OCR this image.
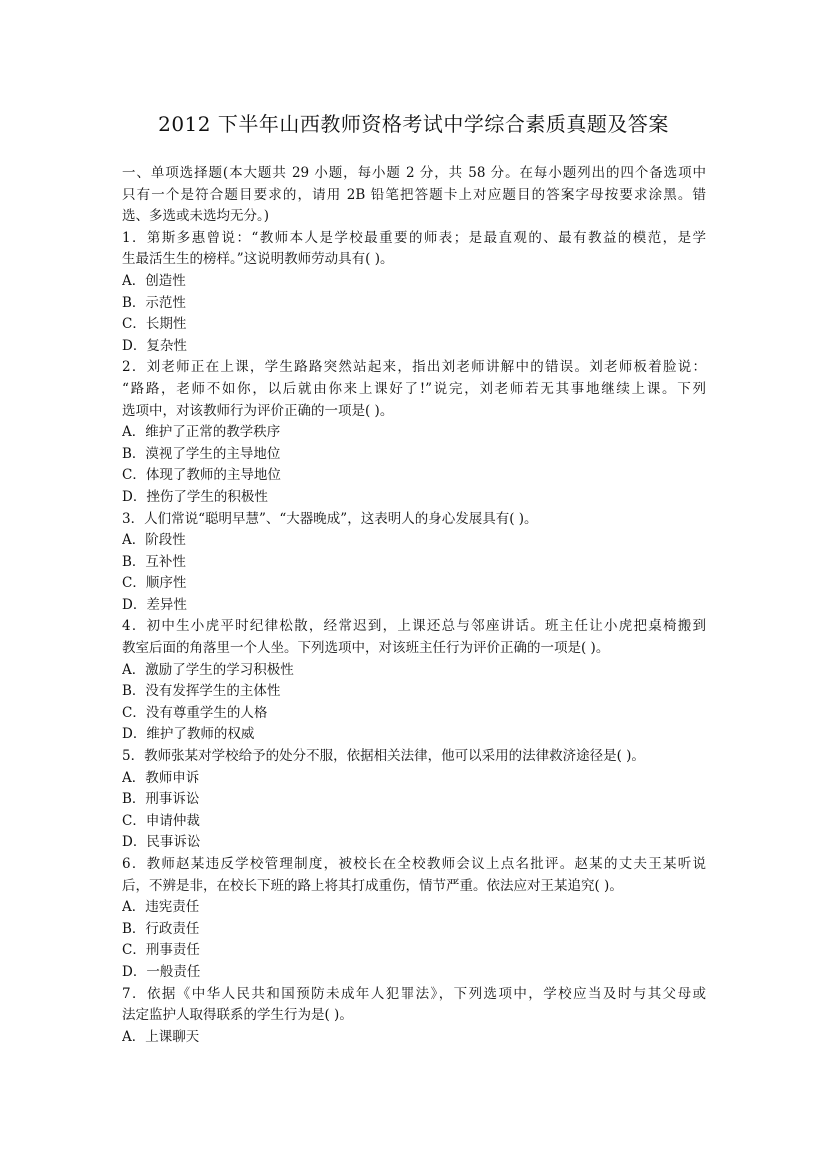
2012 下半年山西教师资格考试中学综合素质真题及答案
一、单项选择题(本大题共 29 小题，每小题 2 分，共 58 分。在每小题列出的四个备选项中
只有一个是符合题目要求的，请用 2B 铅笔把答题卡上对应题目的答案字母按要求涂黑。错
选、多选或未选均无分。)
1．第斯多惠曾说：“教师本人是学校最重要的师表；是最直观的、最有教益的模范，是学
生最活生生的榜样。”这说明教师劳动具有( )。
A．创造性
B．示范性
C．长期性
D．复杂性
2．刘老师正在上课，学生路路突然站起来，指出刘老师讲解中的错误。刘老师板着脸说：
“路路，老师不如你，以后就由你来上课好了!”说完，刘老师若无其事地继续上课。下列
选项中，对该教师行为评价正确的一项是( )。
A．维护了正常的教学秩序
B．漠视了学生的主导地位
C．体现了教师的主导地位
D．挫伤了学生的积极性
3．人们常说“聪明早慧”、“大器晚成”，这表明人的身心发展具有( )。
A．阶段性
B．互补性
C．顺序性
D．差异性
4．初中生小虎平时纪律松散，经常迟到，上课还总与邻座讲话。班主任让小虎把桌椅搬到
教室后面的角落里一个人坐。下列选项中，对该班主任行为评价正确的一项是( )。
A．激励了学生的学习积极性
B．没有发挥学生的主体性
C．没有尊重学生的人格
D．维护了教师的权威
5．教师张某对学校给予的处分不服，依据相关法律，他可以采用的法律救济途径是( )。
A．教师申诉
B．刑事诉讼
C．申请仲裁
D．民事诉讼
6．教师赵某违反学校管理制度，被校长在全校教师会议上点名批评。赵某的丈夫王某听说
后，不辨是非，在校长下班的路上将其打成重伤，情节严重。依法应对王某追究( )。
A．违宪责任
B．行政责任
C．刑事责任
D．一般责任
7．依据《中华人民共和国预防未成年人犯罪法》，下列选项中，学校应当及时与其父母或
法定监护人取得联系的学生行为是( )。
A．上课聊天
